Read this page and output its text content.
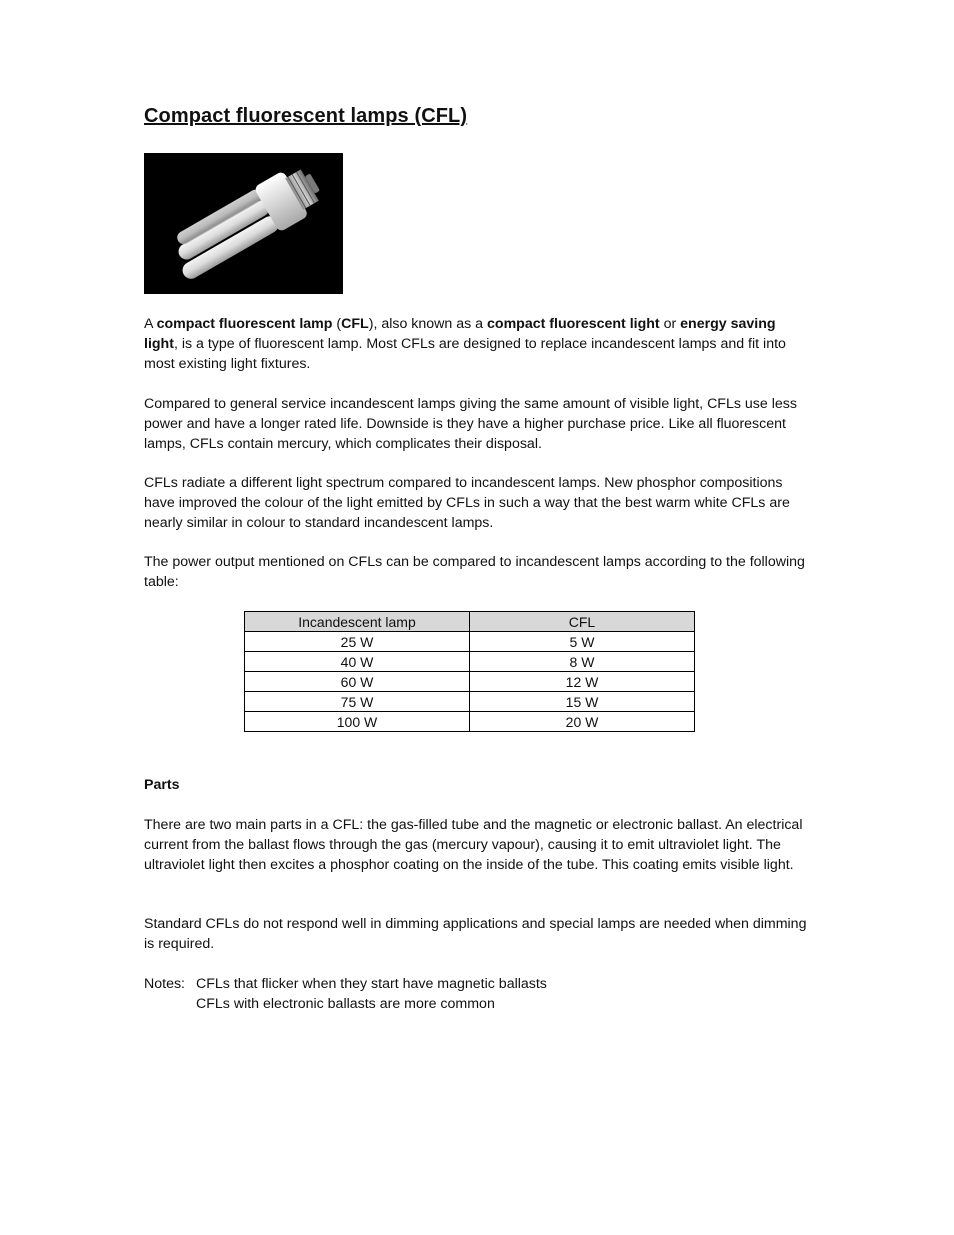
Compact fluorescent lamps (CFL)

A compact fluorescent lamp (CFL), also known as a compact fluorescent light or energy saving light, is a type of fluorescent lamp. Most CFLs are designed to replace incandescent lamps and fit into most existing light fixtures.

Compared to general service incandescent lamps giving the same amount of visible light, CFLs use less power and have a longer rated life. Downside is they have a higher purchase price. Like all fluorescent lamps, CFLs contain mercury, which complicates their disposal.

CFLs radiate a different light spectrum compared to incandescent lamps. New phosphor compositions have improved the colour of the light emitted by CFLs in such a way that the best warm white CFLs are nearly similar in colour to standard incandescent lamps.

The power output mentioned on CFLs can be compared to incandescent lamps according to the following table:

Incandescent lamp	CFL
25 W	5 W
40 W	8 W
60 W	12 W
75 W	15 W
100 W	20 W

Parts

There are two main parts in a CFL: the gas-filled tube and the magnetic or electronic ballast. An electrical current from the ballast flows through the gas (mercury vapour), causing it to emit ultraviolet light. The ultraviolet light then excites a phosphor coating on the inside of the tube. This coating emits visible light.

Standard CFLs do not respond well in dimming applications and special lamps are needed when dimming is required.

Notes: CFLs that flicker when they start have magnetic ballasts
CFLs with electronic ballasts are more common
